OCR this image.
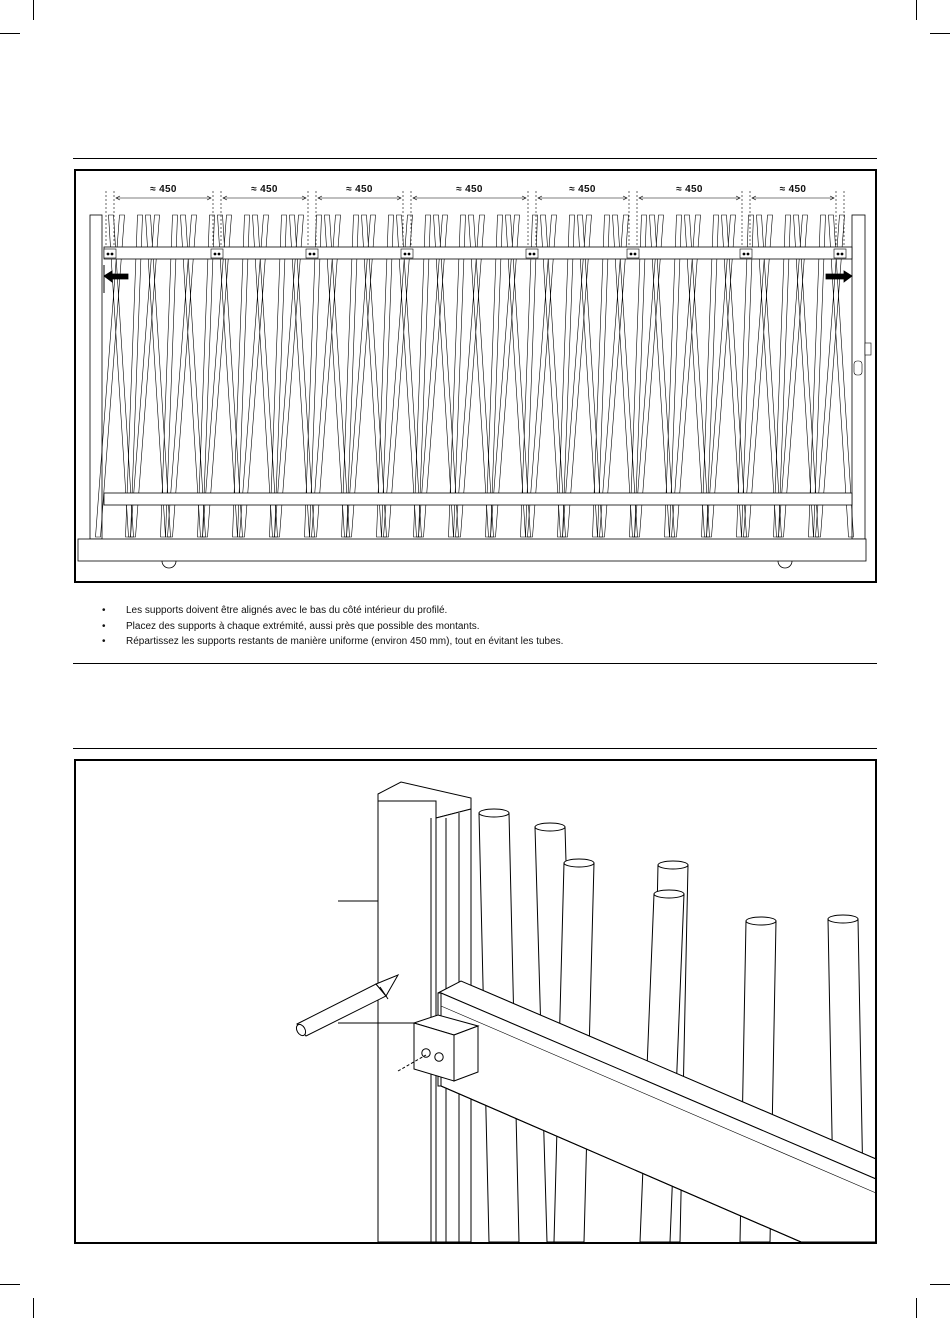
≈ 450	≈ 450	≈ 450	≈ 450	≈ 450	≈ 450	≈ 450
• Les supports doivent être alignés avec le bas du côté intérieur du profilé.
• Placez des supports à chaque extrémité, aussi près que possible des montants.
• Répartissez les supports restants de manière uniforme (environ 450 mm), tout en évitant les tubes.
